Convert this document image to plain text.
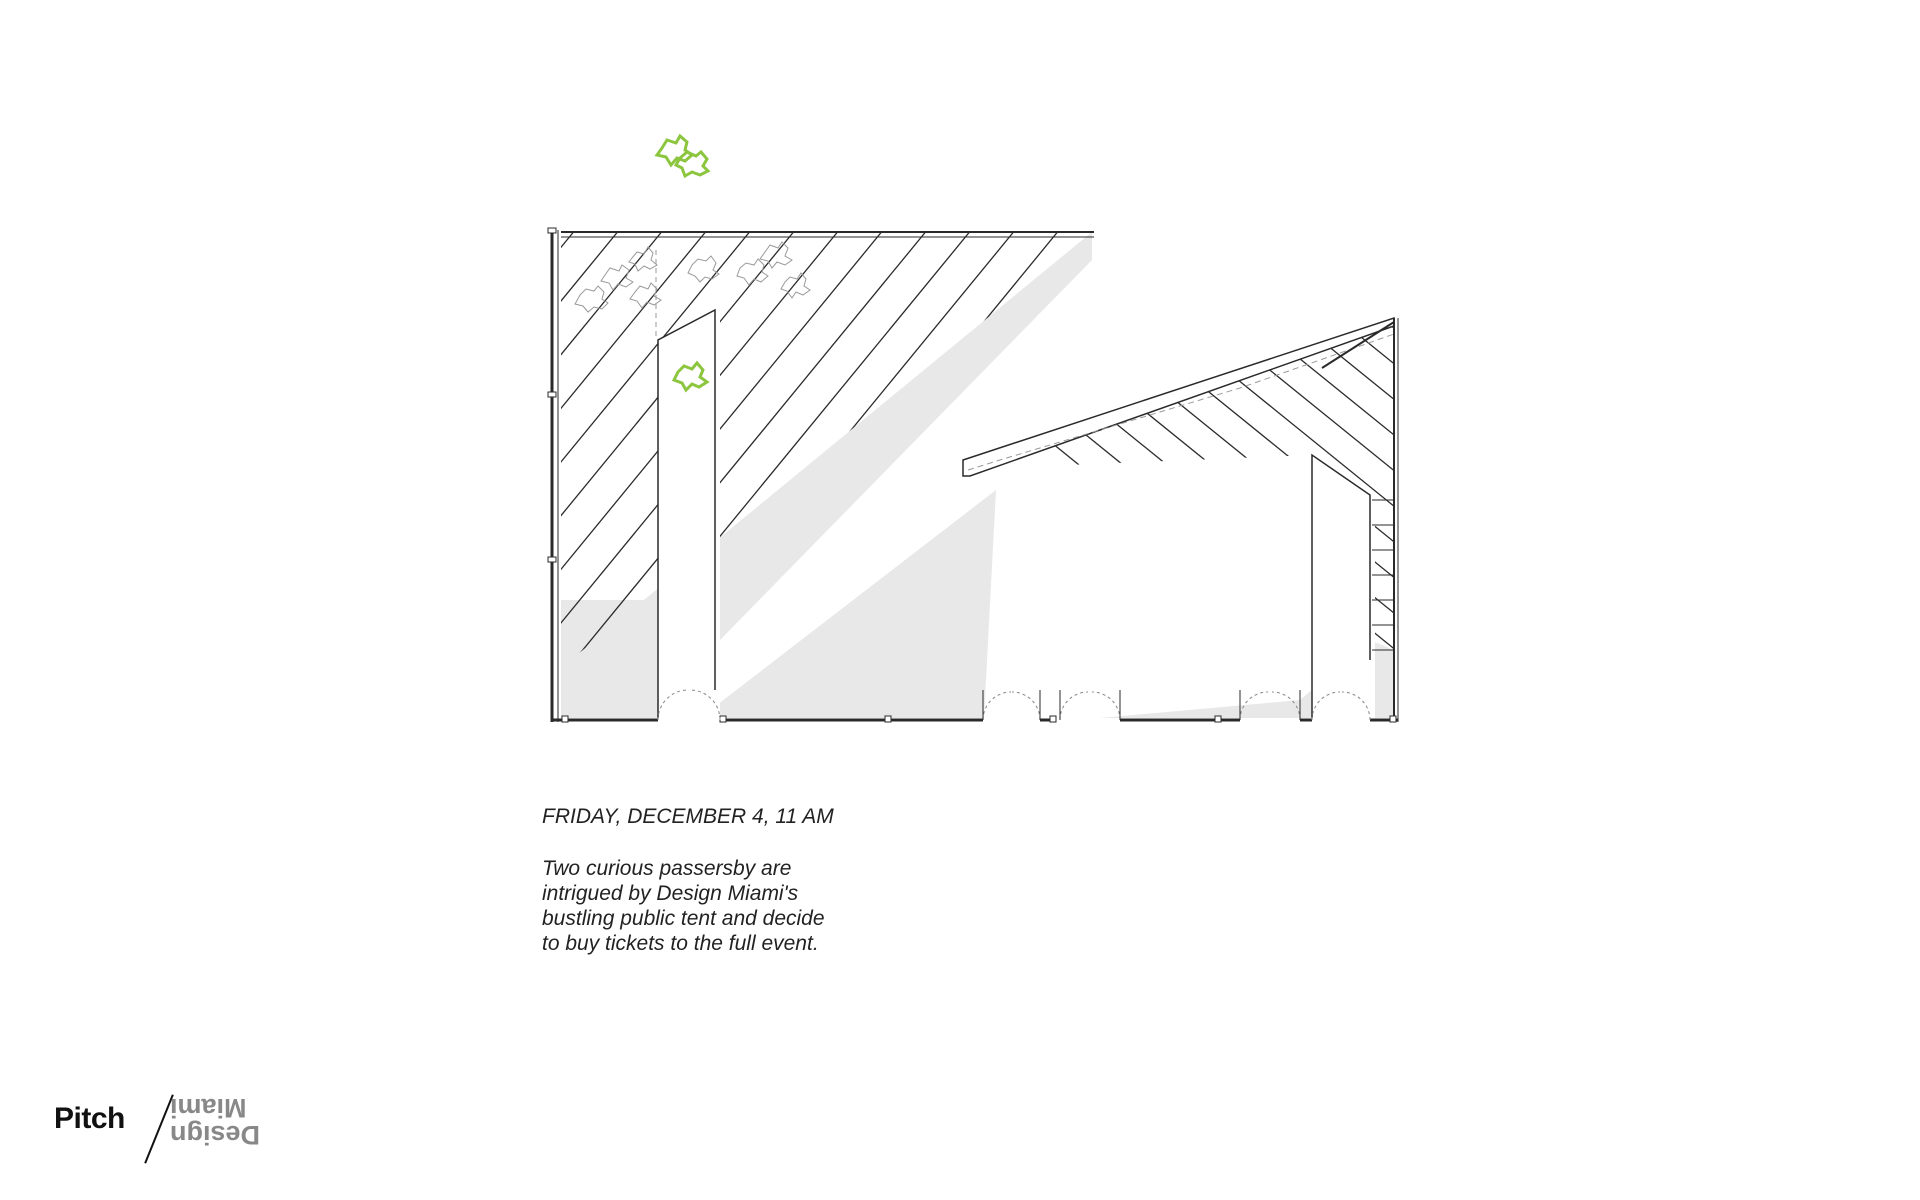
FRIDAY, DECEMBER 4, 11 AM
Two curious passersby are
intrigued by Design Miami's
bustling public tent and decide
to buy tickets to the full event.
Pitch Design
Miami
